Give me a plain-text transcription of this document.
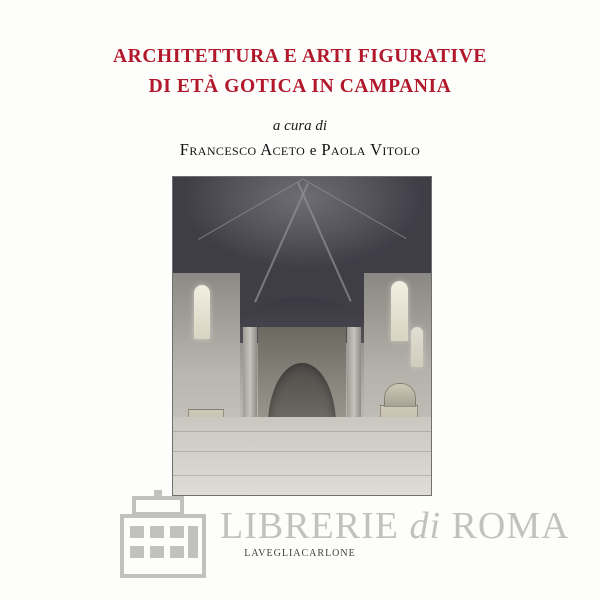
ARCHITETTURA E ARTI FIGURATIVE
DI ETÀ GOTICA IN CAMPANIA
a cura di
Francesco Aceto e Paola Vitolo
LIBRERIE di ROMA
LAVEGLIACARLONE
